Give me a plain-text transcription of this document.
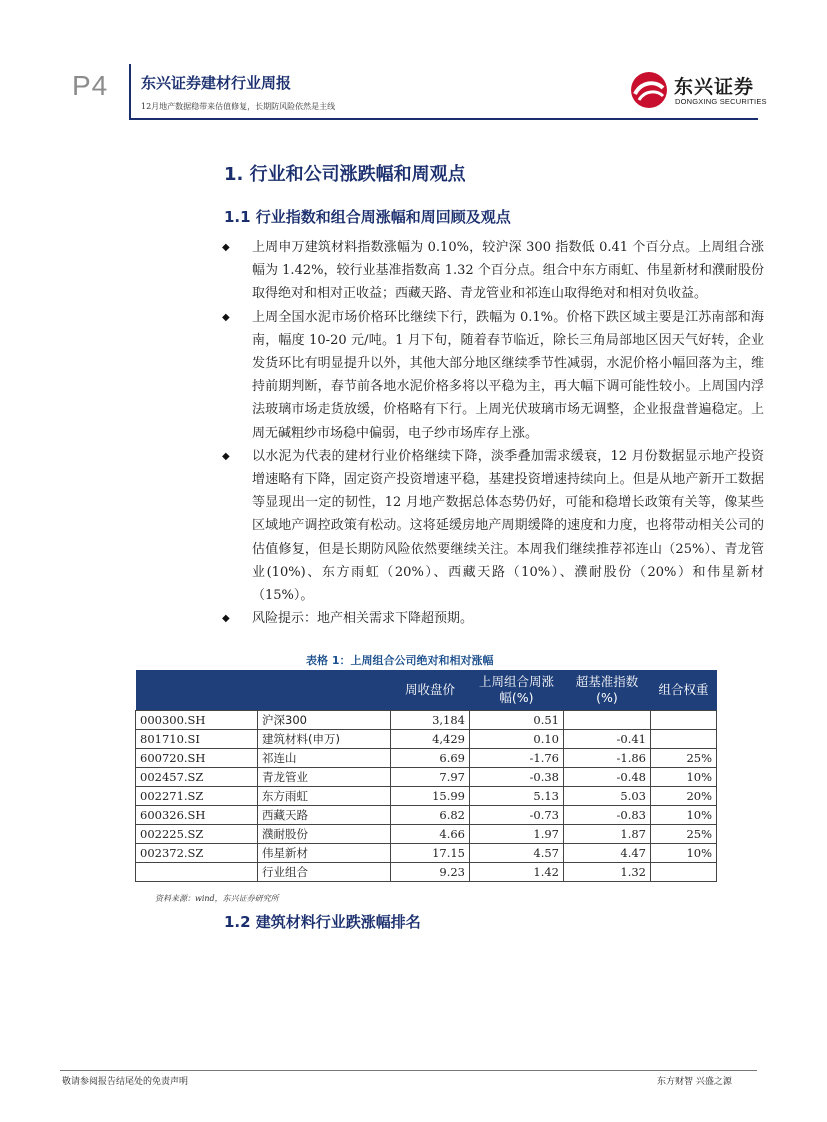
P4 东兴证券建材行业周报
12月地产数据稳带来估值修复，长期防风险依然是主线
东兴证券
DONGXING SECURITIES
1. 行业和公司涨跌幅和周观点
1.1 行业指数和组合周涨幅和周回顾及观点
◆ 上周申万建筑材料指数涨幅为 0.10%，较沪深 300 指数低 0.41 个百分点。上周组合涨幅为 1.42%，较行业基准指数高 1.32 个百分点。组合中东方雨虹、伟星新材和濮耐股份取得绝对和相对正收益；西藏天路、青龙管业和祁连山取得绝对和相对负收益。
◆ 上周全国水泥市场价格环比继续下行，跌幅为 0.1%。价格下跌区域主要是江苏南部和海南，幅度 10-20 元/吨。1 月下旬，随着春节临近，除长三角局部地区因天气好转，企业发货环比有明显提升以外，其他大部分地区继续季节性减弱，水泥价格小幅回落为主，维持前期判断，春节前各地水泥价格多将以平稳为主，再大幅下调可能性较小。上周国内浮法玻璃市场走货放缓，价格略有下行。上周光伏玻璃市场无调整，企业报盘普遍稳定。上周无碱粗纱市场稳中偏弱，电子纱市场库存上涨。
◆ 以水泥为代表的建材行业价格继续下降，淡季叠加需求缓衰，12 月份数据显示地产投资增速略有下降，固定资产投资增速平稳，基建投资增速持续向上。但是从地产新开工数据等显现出一定的韧性，12 月地产数据总体态势仍好，可能和稳增长政策有关等，像某些区域地产调控政策有松动。这将延缓房地产周期缓降的速度和力度，也将带动相关公司的估值修复，但是长期防风险依然要继续关注。本周我们继续推荐祁连山（25%）、青龙管业(10%)、东方雨虹（20%）、西藏天路（10%）、濮耐股份（20%）和伟星新材（15%）。
◆ 风险提示：地产相关需求下降超预期。
表格 1：上周组合公司绝对和相对涨幅
		周收盘价	上周组合周涨幅(%)	超基准指数(%)	组合权重
000300.SH	沪深300	3,184	0.51		
801710.SI	建筑材料(申万)	4,429	0.10	-0.41	
600720.SH	祁连山	6.69	-1.76	-1.86	25%
002457.SZ	青龙管业	7.97	-0.38	-0.48	10%
002271.SZ	东方雨虹	15.99	5.13	5.03	20%
600326.SH	西藏天路	6.82	-0.73	-0.83	10%
002225.SZ	濮耐股份	4.66	1.97	1.87	25%
002372.SZ	伟星新材	17.15	4.57	4.47	10%
	行业组合	9.23	1.42	1.32	
资料来源：wind，东兴证券研究所
1.2 建筑材料行业跌涨幅排名
敬请参阅报告结尾处的免责声明	东方财智 兴盛之源
